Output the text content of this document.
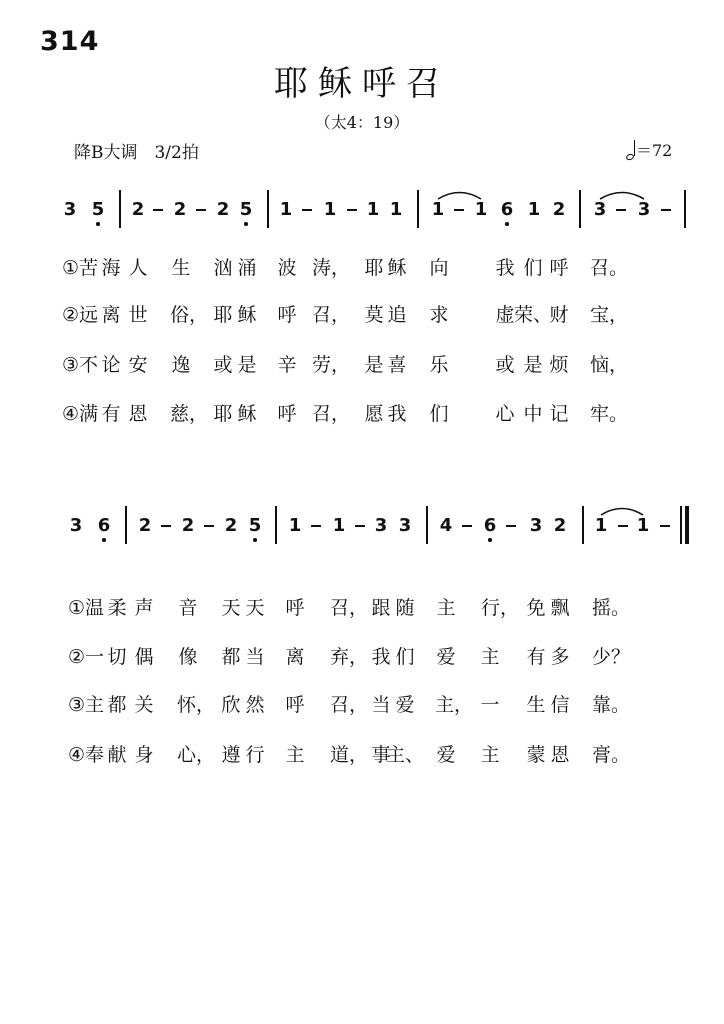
314
耶稣呼召
（太4：19）
降B大调　3/2拍	＝72
3 5 2 2 2 5 1 1 1 1 1 1 6 1 2 3 3
①苦 海 人 生 汹 涌 波 涛， 耶 稣 向 我 们 呼 召。
②远 离 世 俗， 耶 稣 呼 召， 莫 追 求 虚 荣、
财 宝，
③不 论 安 逸 或 是 辛 劳， 是 喜 乐 或 是 烦 恼，
④满 有 恩 慈， 耶 稣 呼 召， 愿 我 们 心 中 记 牢。
3 6 2 2 2 5 1 1 3 3 4 6 3 2 1 1
①温 柔 声 音 天 天 呼 召， 跟 随 主 行， 免 飘 摇。
②一 切 偶 像 都 当 离 弃， 我 们 爱 主 有 多 少？
③主 都 关 怀， 欣 然 呼 召， 当 爱 主， 一 生 信 靠。
④奉 献 身 心， 遵 行 主 道， 事
主、 爱 主 蒙 恩 膏。
